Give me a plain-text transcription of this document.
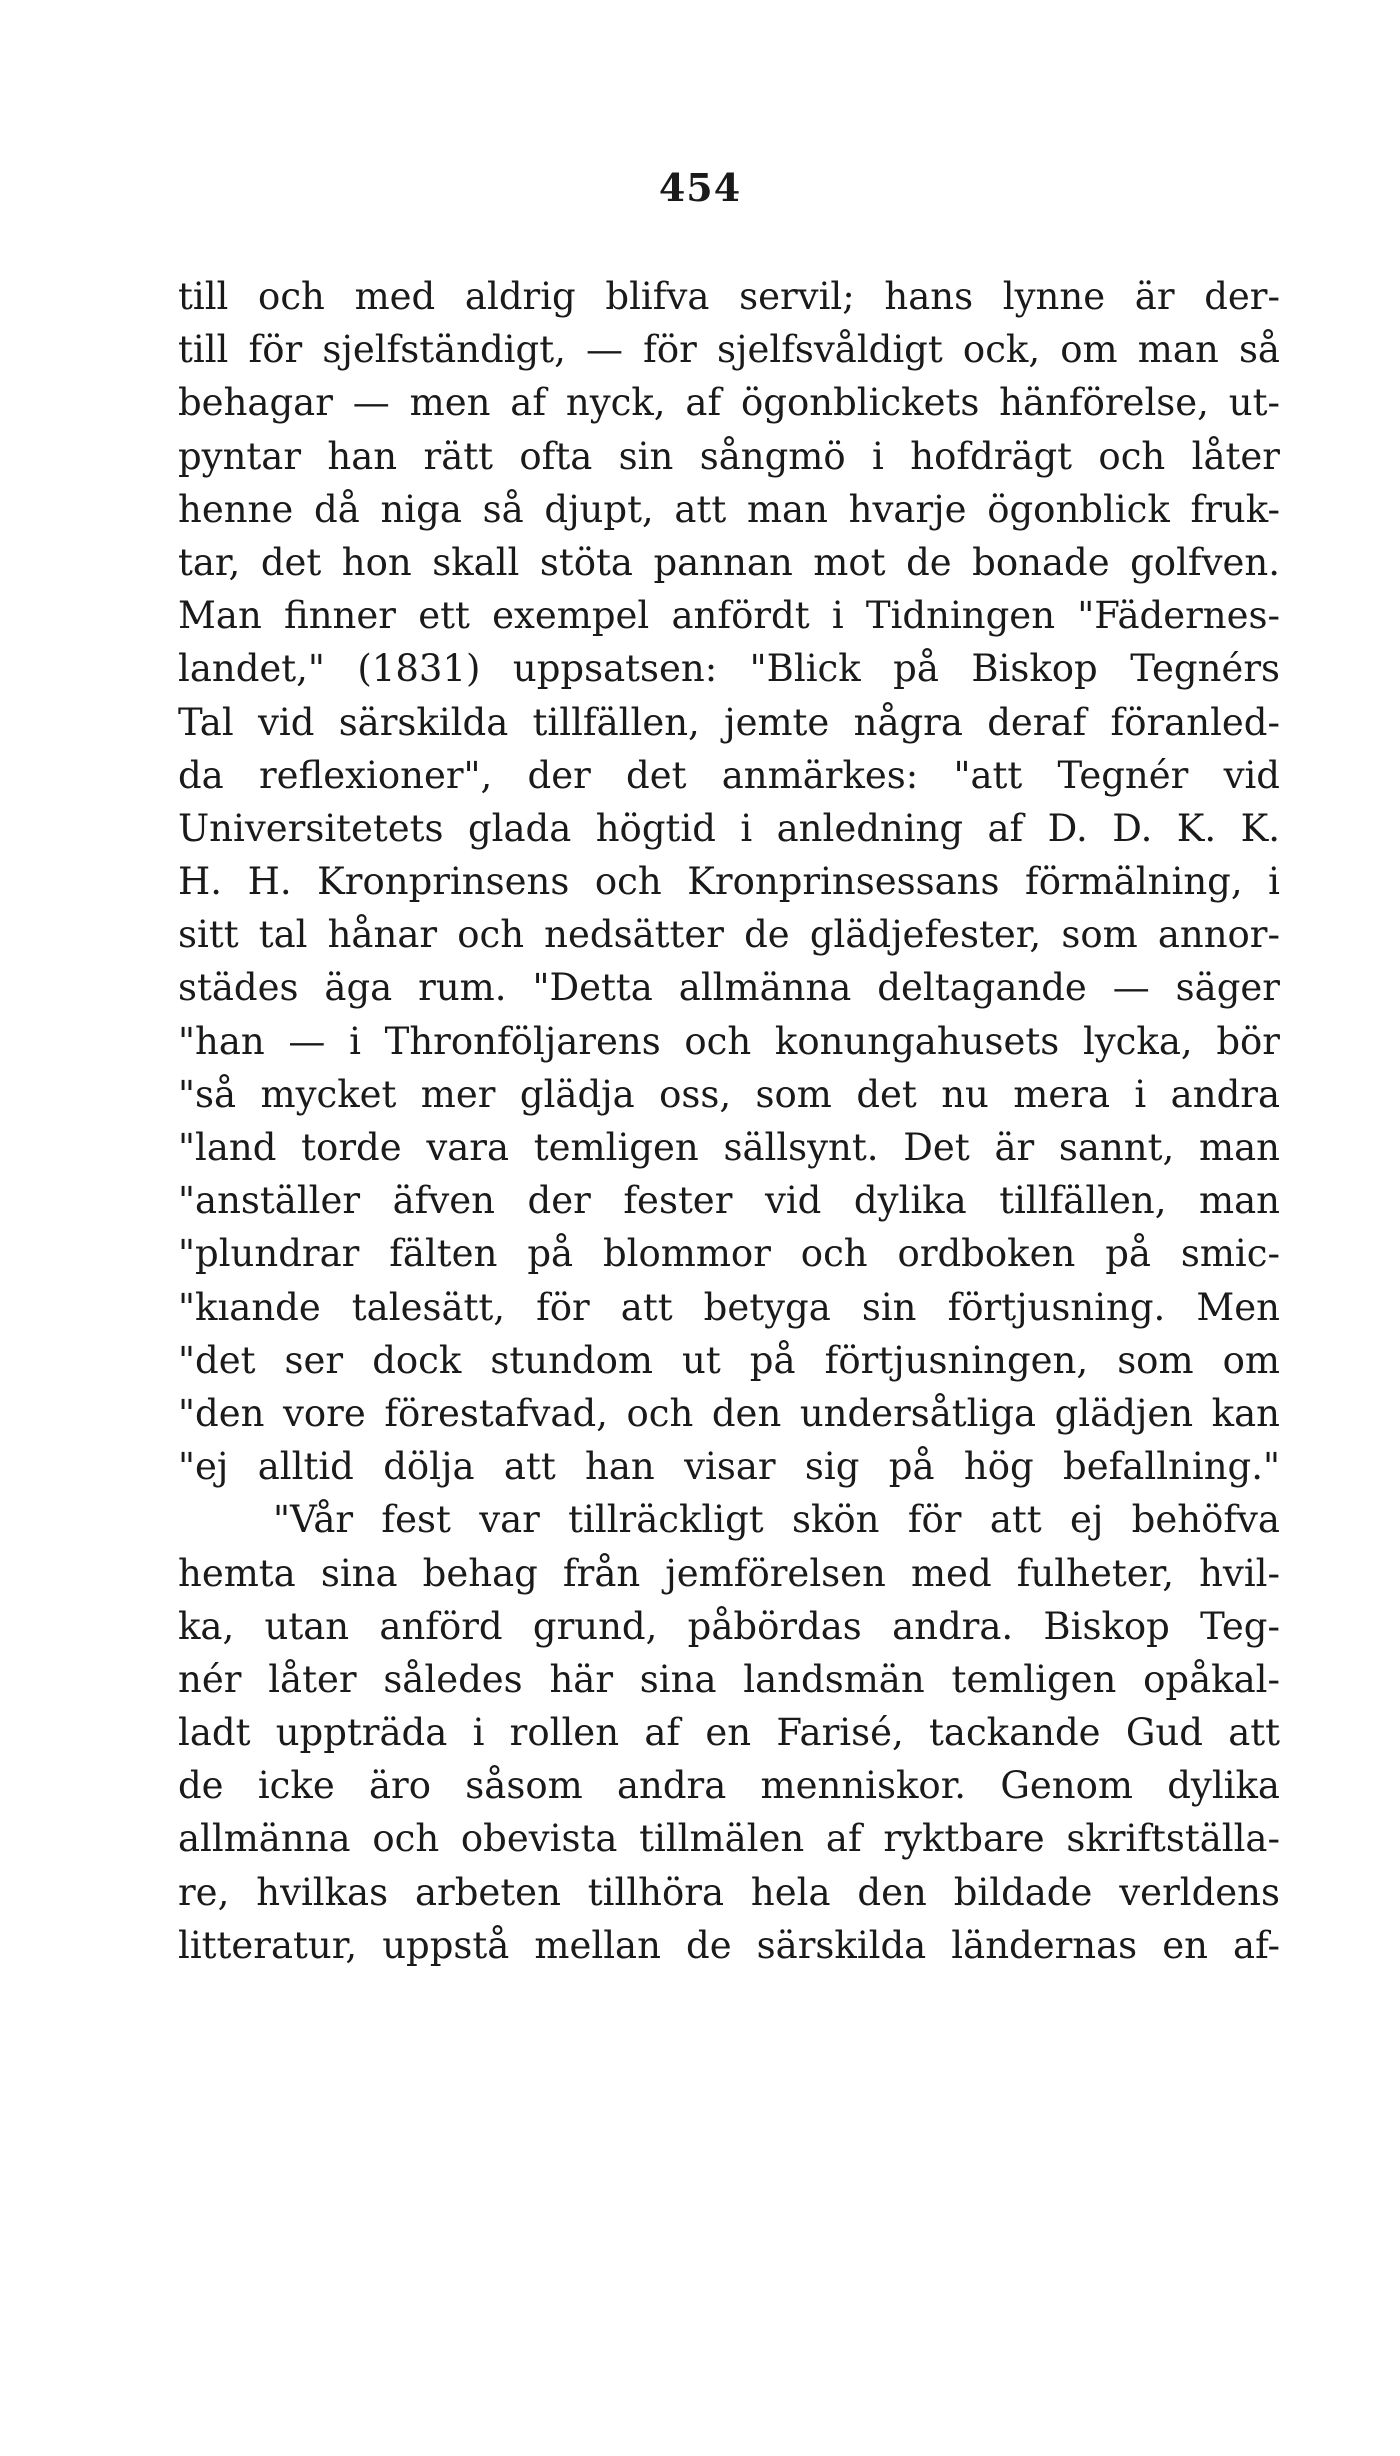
454
till och med aldrig blifva servil; hans lynne är der-
till för sjelfständigt, — för sjelfsvåldigt ock, om man så
behagar — men af nyck, af ögonblickets hänförelse, ut-
pyntar han rätt ofta sin sångmö i hofdrägt och låter
henne då niga så djupt, att man hvarje ögonblick fruk-
tar, det hon skall stöta pannan mot de bonade golfven.
Man finner ett exempel anfördt i Tidningen "Fädernes-
landet," (1831) uppsatsen: "Blick på Biskop Tegnérs
Tal vid särskilda tillfällen, jemte några deraf föranled-
da reflexioner", der det anmärkes: "att Tegnér vid
Universitetets glada högtid i anledning af D. D. K. K.
H. H. Kronprinsens och Kronprinsessans förmälning, i
sitt tal hånar och nedsätter de glädjefester, som annor-
städes äga rum. "Detta allmänna deltagande — säger
"han — i Thronföljarens och konungahusets lycka, bör
"så mycket mer glädja oss, som det nu mera i andra
"land torde vara temligen sällsynt. Det är sannt, man
"anställer äfven der fester vid dylika tillfällen, man
"plundrar fälten på blommor och ordboken på smic-
"kıande talesätt, för att betyga sin förtjusning. Men
"det ser dock stundom ut på förtjusningen, som om
"den vore förestafvad, och den undersåtliga glädjen kan
"ej alltid dölja att han visar sig på hög befallning."
"Vår fest var tillräckligt skön för att ej behöfva
hemta sina behag från jemförelsen med fulheter, hvil-
ka, utan anförd grund, påbördas andra. Biskop Teg-
nér låter således här sina landsmän temligen opåkal-
ladt uppträda i rollen af en Farisé, tackande Gud att
de icke äro såsom andra menniskor. Genom dylika
allmänna och obevista tillmälen af ryktbare skriftställa-
re, hvilkas arbeten tillhöra hela den bildade verldens
litteratur, uppstå mellan de särskilda ländernas en af-
